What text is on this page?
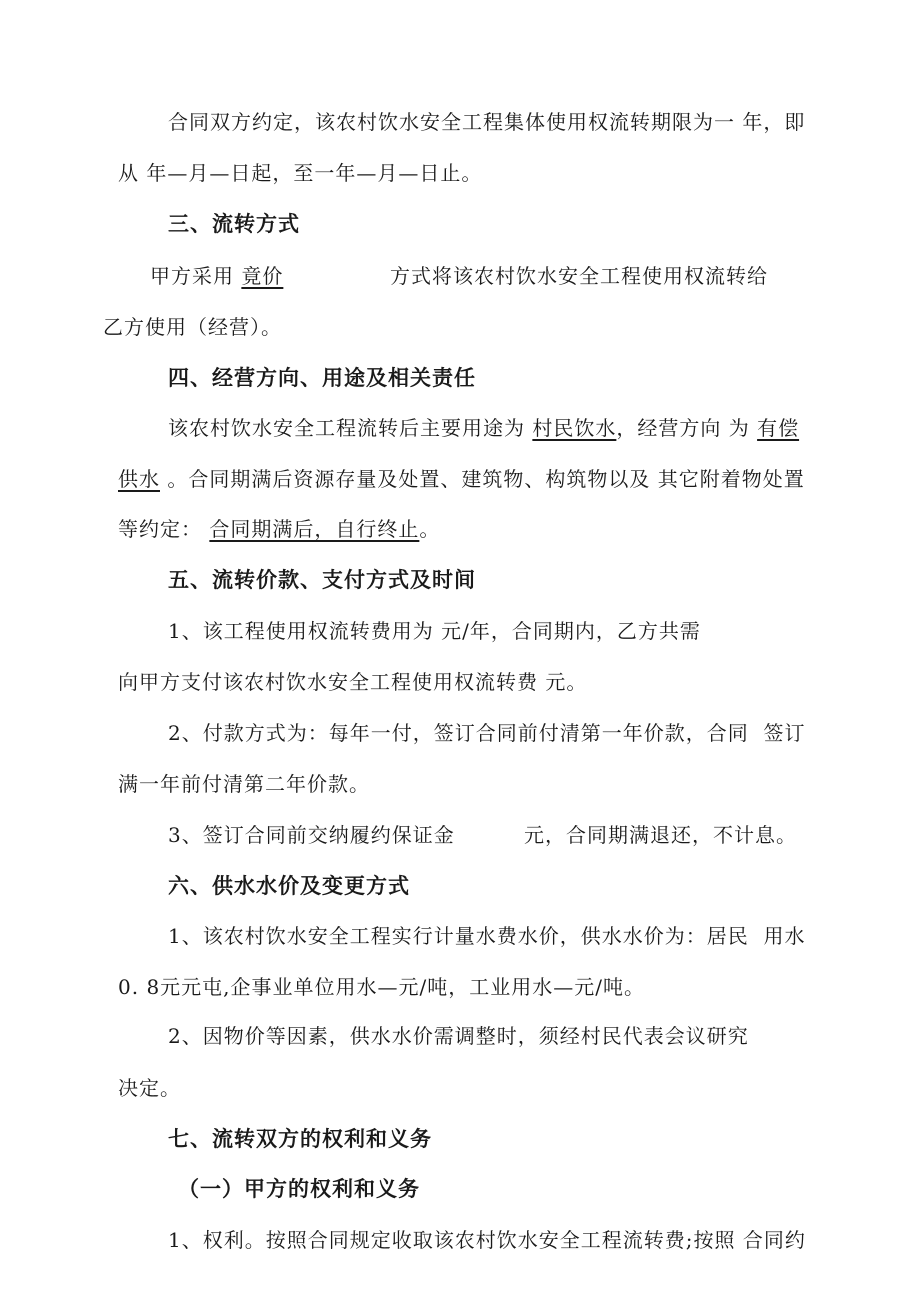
合同双方约定，该农村饮水安全工程集体使用权流转期限为一 年，即
从 年—月—日起，至一年—月—日止。
三、流转方式
甲方采用 竟价	方式将该农村饮水安全工程使用权流转给
乙方使用（经营）。
四、经营方向、用途及相关责任
该农村饮水安全工程流转后主要用途为 村民饮水，经营方向 为 有偿
供水 。合同期满后资源存量及处置、建筑物、构筑物以及 其它附着物处置
等约定： 合同期满后，自行终止。
五、流转价款、支付方式及时间
1、该工程使用权流转费用为 元/年，合同期内，乙方共需
向甲方支付该农村饮水安全工程使用权流转费 元。
2、付款方式为：每年一付，签订合同前付清第一年价款，合同  签订
满一年前付清第二年价款。
3、签订合同前交纳履约保证金	元，合同期满退还，不计息。
六、供水水价及变更方式
1、该农村饮水安全工程实行计量水费水价，供水水价为：居民  用水
0. 8元元屯,企事业单位用水—元/吨，工业用水—元/吨。
2、因物价等因素，供水水价需调整时，须经村民代表会议研究
决定。
七、流转双方的权利和义务
（一）甲方的权利和义务
1、权利。按照合同规定收取该农村饮水安全工程流转费;按照 合同约
